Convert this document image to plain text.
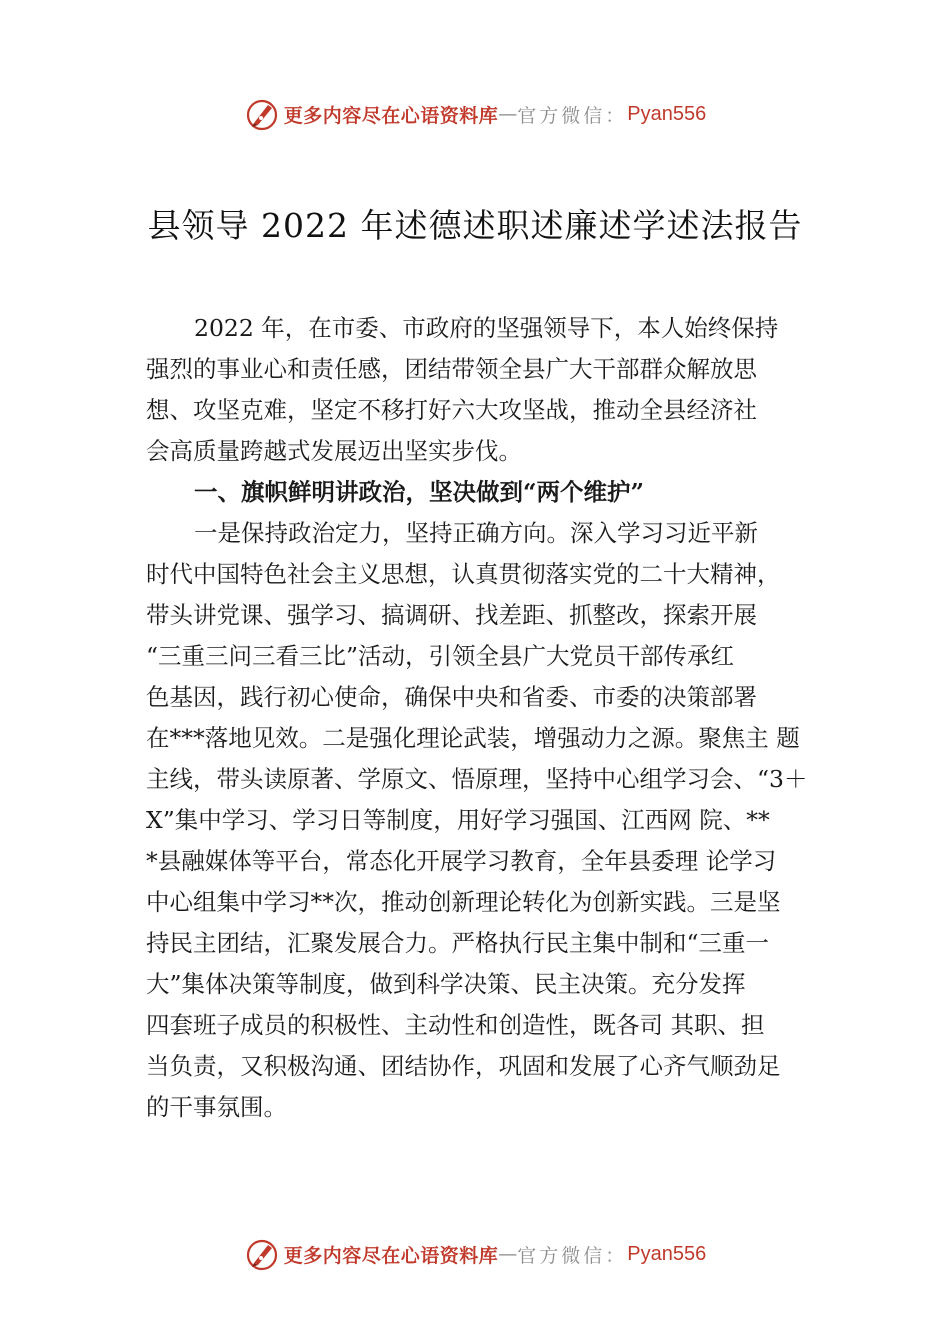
更多内容尽在心语资料库 — 官方微信： Pyan556
县领导 2022 年述德述职述廉述学述法报告
2022 年，在市委、市政府的坚强领导下，本人始终保持
强烈的事业心和责任感，团结带领全县广大干部群众解放思
想、攻坚克难，坚定不移打好六大攻坚战，推动全县经济社
会高质量跨越式发展迈出坚实步伐。
一、旗帜鲜明讲政治，坚决做到“两个维护”
一是保持政治定力，坚持正确方向。深入学习习近平新
时代中国特色社会主义思想，认真贯彻落实党的二十大精神，
带头讲党课、强学习、搞调研、找差距、抓整改，探索开展
“三重三问三看三比”活动，引领全县广大党员干部传承红
色基因，践行初心使命，确保中央和省委、市委的决策部署
在***落地见效。二是强化理论武装，增强动力之源。聚焦主 题
主线，带头读原著、学原文、悟原理，坚持中心组学习会、“3＋
X”集中学习、学习日等制度，用好学习强国、江西网 院、**
*县融媒体等平台，常态化开展学习教育，全年县委理 论学习
中心组集中学习**次，推动创新理论转化为创新实践。三是坚
持民主团结，汇聚发展合力。严格执行民主集中制和“三重一
大”集体决策等制度，做到科学决策、民主决策。充分发挥
四套班子成员的积极性、主动性和创造性，既各司 其职、担
当负责，又积极沟通、团结协作，巩固和发展了心齐气顺劲足
的干事氛围。
更多内容尽在心语资料库 — 官方微信： Pyan556
